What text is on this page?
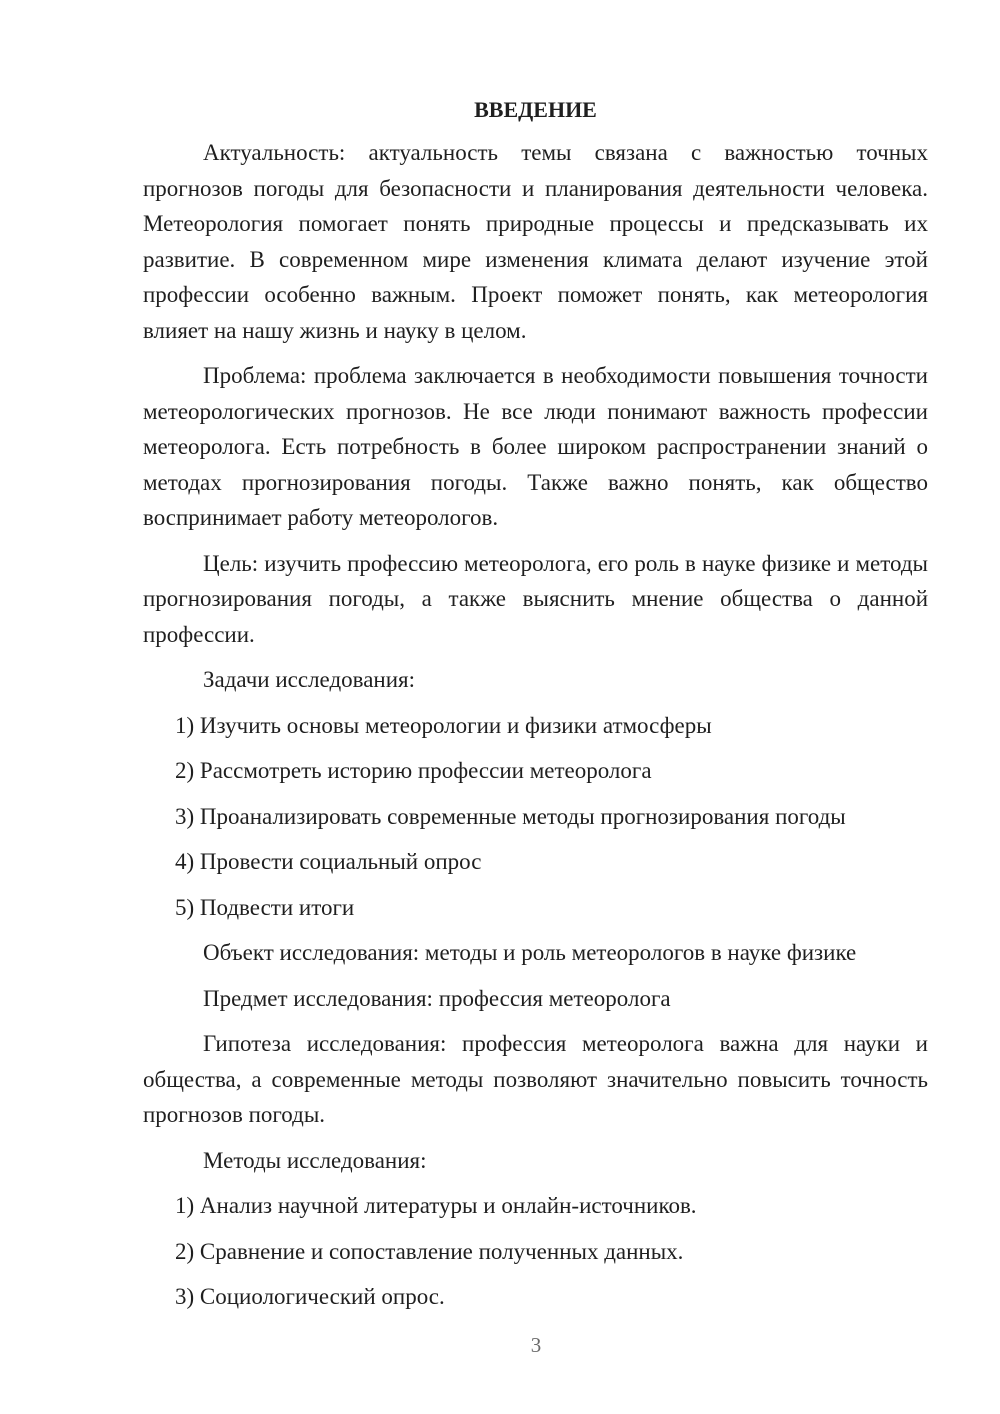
ВВЕДЕНИЕ

Актуальность: актуальность темы связана с важностью точных прогнозов погоды для безопасности и планирования деятельности человека. Метеорология помогает понять природные процессы и предсказывать их развитие. В современном мире изменения климата делают изучение этой профессии особенно важным. Проект поможет понять, как метеорология влияет на нашу жизнь и науку в целом.

Проблема: проблема заключается в необходимости повышения точности метеорологических прогнозов. Не все люди понимают важность профессии метеоролога. Есть потребность в более широком распространении знаний о методах прогнозирования погоды. Также важно понять, как общество воспринимает работу метеорологов.

Цель: изучить профессию метеоролога, его роль в науке физике и методы прогнозирования погоды, а также выяснить мнение общества о данной профессии.

Задачи исследования:
1) Изучить основы метеорологии и физики атмосферы
2) Рассмотреть историю профессии метеоролога
3) Проанализировать современные методы прогнозирования погоды
4) Провести социальный опрос
5) Подвести итоги
Объект исследования: методы и роль метеорологов в науке физике
Предмет исследования: профессия метеоролога

Гипотеза исследования: профессия метеоролога важна для науки и общества, а современные методы позволяют значительно повысить точность прогнозов погоды.

Методы исследования:
1) Анализ научной литературы и онлайн-источников.
2) Сравнение и сопоставление полученных данных.
3) Социологический опрос.
3
